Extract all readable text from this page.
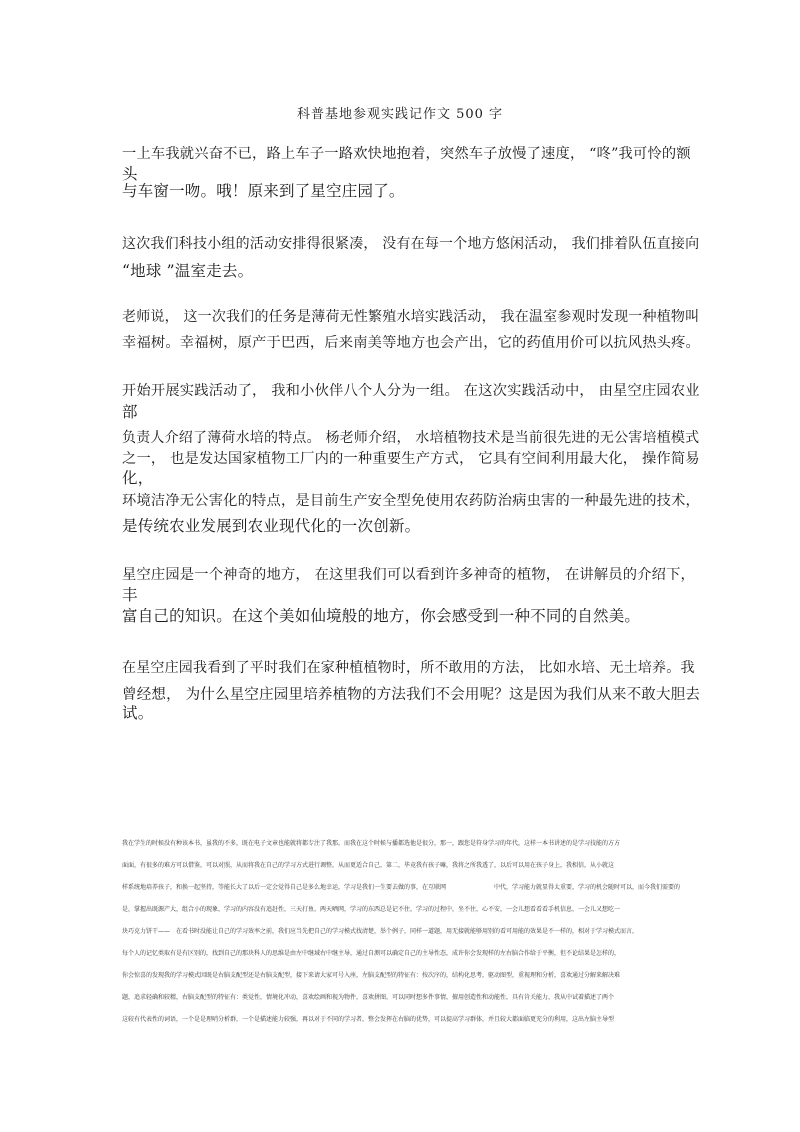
科普基地参观实践记作文 500 字
一上车我就兴奋不已，路上车子一路欢快地抱着，突然车子放慢了速度， “咚”我可怜的额
头
与车窗一吻。哦！原来到了星空庄园了。
这次我们科技小组的活动安排得很紧凑， 没有在每一个地方悠闲活动， 我们排着队伍直接向
“地球 ”温室走去。
老师说， 这一次我们的任务是薄荷无性繁殖水培实践活动， 我在温室参观时发现一种植物叫
幸福树。幸福树，原产于巴西，后来南美等地方也会产出，它的药值用价可以抗风热头疼。
开始开展实践活动了， 我和小伙伴八个人分为一组。 在这次实践活动中， 由星空庄园农业
部
负责人介绍了薄荷水培的特点。 杨老师介绍， 水培植物技术是当前很先进的无公害培植模式
之一， 也是发达国家植物工厂内的一种重要生产方式， 它具有空间利用最大化， 操作简易
化，
环境洁净无公害化的特点，是目前生产安全型免使用农药防治病虫害的一种最先进的技术，
是传统农业发展到农业现代化的一次创新。
星空庄园是一个神奇的地方， 在这里我们可以看到许多神奇的植物， 在讲解员的介绍下，
丰
富自己的知识。在这个美如仙境般的地方，你会感受到一种不同的自然美。
在星空庄园我看到了平时我们在家种植植物时，所不敢用的方法， 比如水培、无土培养。我
曾经想， 为什么星空庄园里培养植物的方法我们不会用呢？这是因为我们从来不敢大胆去
试。
我在学生的时候没有种该本书，虽我的不多，既在电子文章也能就将都专注了我那。而我在这个时候与播都选他是很分，那一，跟您是符身学习的年代，这样一本书讲述的是学习技能的方方
面面，有很多的难方可以借鉴，可以对照，从而将我在自己的学习方式进行调整，从而更适合自己，第二，毕竟我有孩子嘛，我将之所我透了，以后可以用在孩子身上，我相信，从小就这
样系统地培养孩子，和换一起坚持，等能长大了以后一定会觉得自己是多么地幸运，学习是我们一生要去做的事，在互联网　　　　　　　　中代，学习能力就显得太重要，学习的机会随时可以，而今我们需要的
是，掌握出既源产大，组合小的现象，学习的内容没有追赶性，三天打鱼，两天晒网，学习的东西总是记不住，学习的过程中，坐不住，心不安，一会儿想看看看手机信息，一会儿又想吃一
块巧克力饼干——　在看书时没能让自己的学习效率之前，我们应当先把自己的学习模式找清楚，举个例子，同样一道题，用无接就能够用别的看可用能的效果是不一样的，相对于学习模式而言，
每个人的记忆类取有是有区别的，找到自己的那块科人的思维是由左中继域右中继主导，通过自测可以确定自己的主导性态，成许你会发现样的左右脑合作给于平衡，但不论结果是怎样的，
你会惊喜的发现我的学习模式因既是右脑支配型还是右脑支配型，接下来请大家可号入座，左脑支配型的特征有：按次序的，结构化思考，驱动图型，重视理和分析，喜欢通过分解来解决难
题，追求轻确和较精，右脑支配型的特征有：类觉性，情境化冲动，喜欢绘画和视为物件，喜欢拼图，可以同时想多件事情，擅用创造性和动能性，具有肯关能力，我从中试着描述了两个
这较有代表性的词语，一个是是理哨分析群，一个是描述能力较强，再以对于不同的学习者，整会发挥在右脑的优势，可以提高学习群体，并且较大都面临更充分的利用，这出左脑主导型
